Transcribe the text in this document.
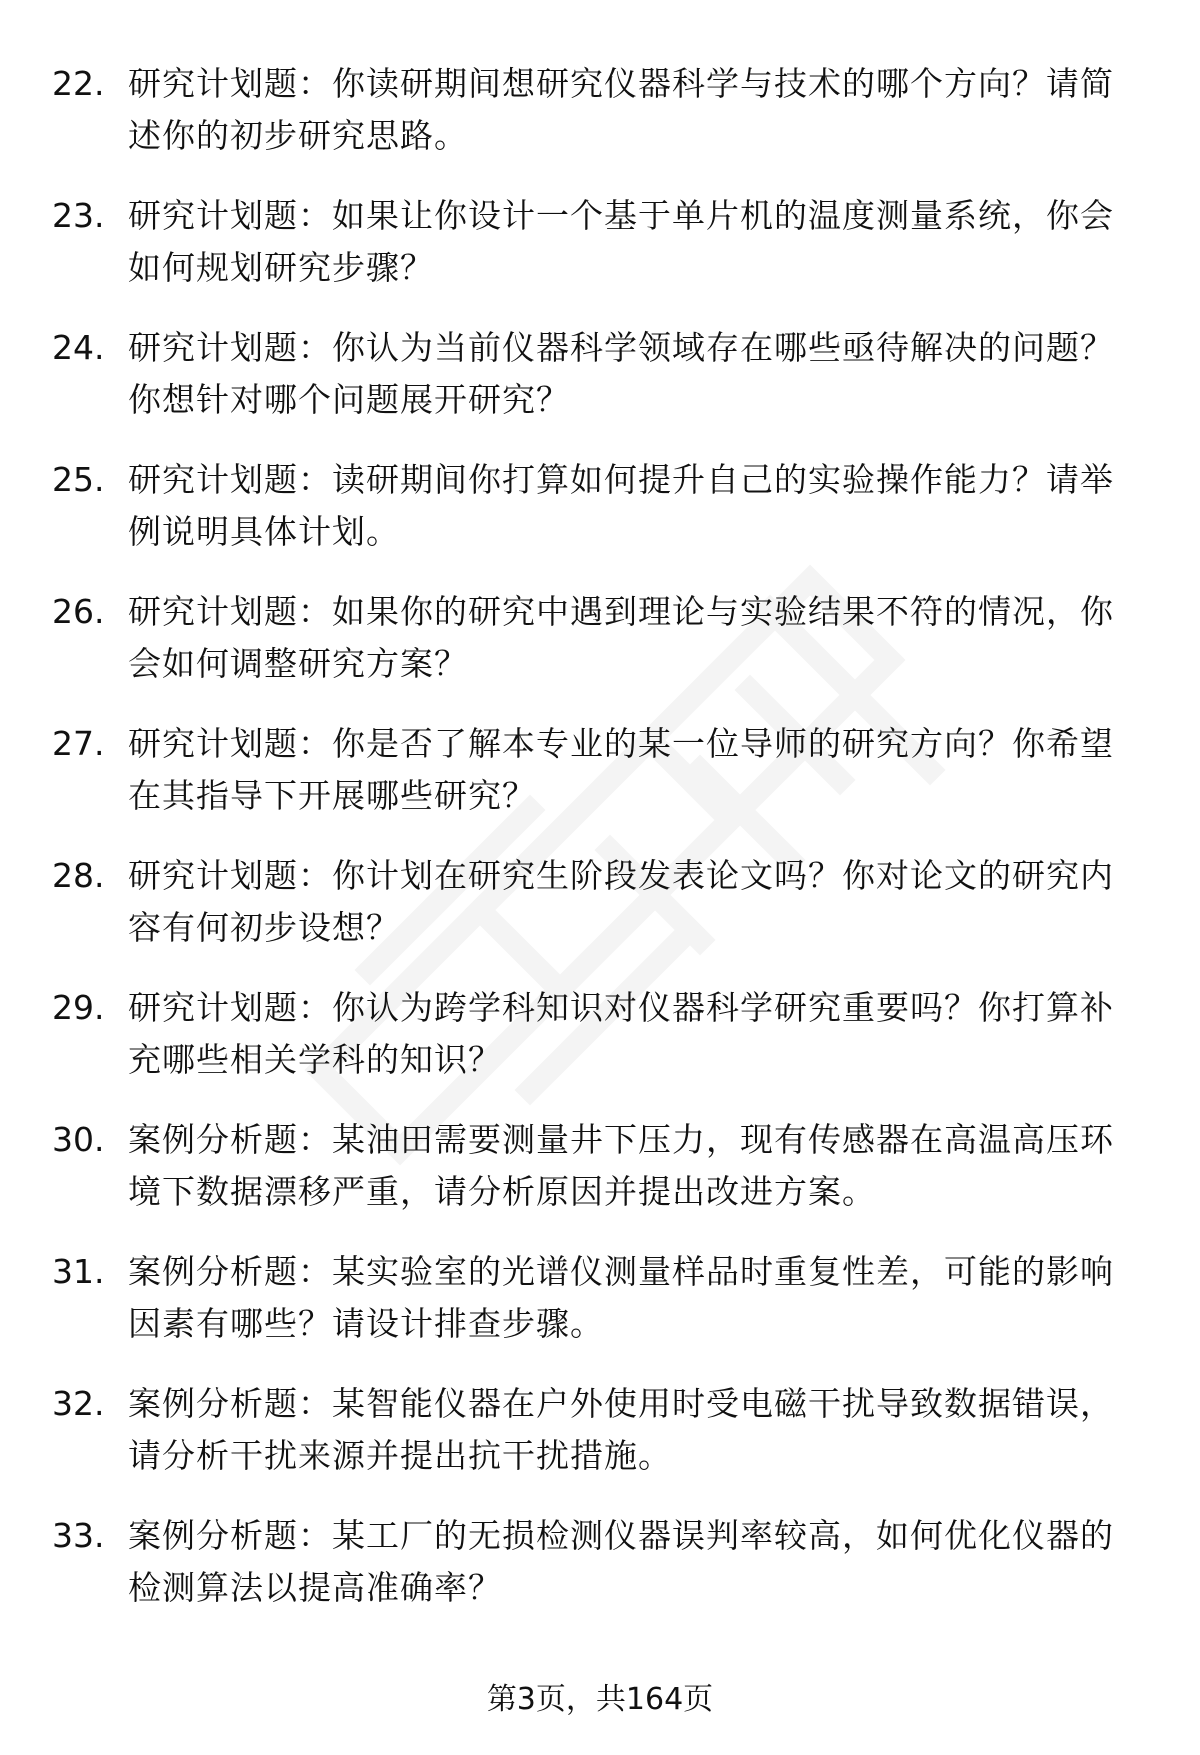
22. 研究计划题：你读研期间想研究仪器科学与技术的哪个方向？请简述你的初步研究思路。
23. 研究计划题：如果让你设计一个基于单片机的温度测量系统，你会如何规划研究步骤？
24. 研究计划题：你认为当前仪器科学领域存在哪些亟待解决的问题？你想针对哪个问题展开研究？
25. 研究计划题：读研期间你打算如何提升自己的实验操作能力？请举例说明具体计划。
26. 研究计划题：如果你的研究中遇到理论与实验结果不符的情况，你会如何调整研究方案？
27. 研究计划题：你是否了解本专业的某一位导师的研究方向？你希望在其指导下开展哪些研究？
28. 研究计划题：你计划在研究生阶段发表论文吗？你对论文的研究内容有何初步设想？
29. 研究计划题：你认为跨学科知识对仪器科学研究重要吗？你打算补充哪些相关学科的知识？
30. 案例分析题：某油田需要测量井下压力，现有传感器在高温高压环境下数据漂移严重，请分析原因并提出改进方案。
31. 案例分析题：某实验室的光谱仪测量样品时重复性差，可能的影响因素有哪些？请设计排查步骤。
32. 案例分析题：某智能仪器在户外使用时受电磁干扰导致数据错误，请分析干扰来源并提出抗干扰措施。
33. 案例分析题：某工厂的无损检测仪器误判率较高，如何优化仪器的检测算法以提高准确率？
第3页，共164页
